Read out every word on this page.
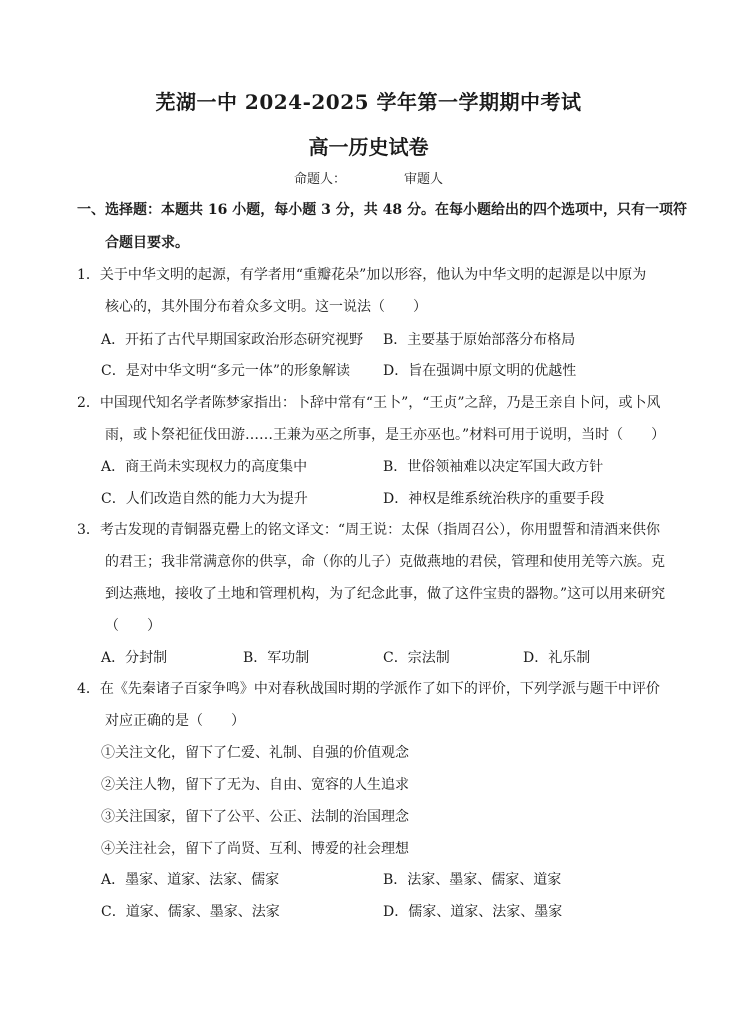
芜湖一中 2024-2025 学年第一学期期中考试
高一历史试卷
命题人：	审题人
一、选择题：本题共 16 小题，每小题 3 分，共 48 分。在每小题给出的四个选项中，只有一项符
合题目要求。
1．关于中华文明的起源，有学者用“重瓣花朵”加以形容，他认为中华文明的起源是以中原为
核心的，其外围分布着众多文明。这一说法（　　）
A．开拓了古代早期国家政治形态研究视野 B．主要基于原始部落分布格局
C．是对中华文明“多元一体”的形象解读 D．旨在强调中原文明的优越性
2．中国现代知名学者陈梦家指出：卜辞中常有“王卜”，“王贞”之辞，乃是王亲自卜问，或卜风
雨，或卜祭祀征伐田游……王兼为巫之所事，是王亦巫也。”材料可用于说明，当时（　　）
A．商王尚未实现权力的高度集中	B．世俗领袖难以决定军国大政方针
C．人们改造自然的能力大为提升	D．神权是维系统治秩序的重要手段
3．考古发现的青铜器克罍上的铭文译文：“周王说：太保（指周召公），你用盟誓和清酒来供你
的君王；我非常满意你的供享，命（你的儿子）克做燕地的君侯，管理和使用羌等六族。克
到达燕地，接收了土地和管理机构，为了纪念此事，做了这件宝贵的器物。”这可以用来研究
（　　）
A．分封制	B．军功制	C．宗法制	D．礼乐制
4．在《先秦诸子百家争鸣》中对春秋战国时期的学派作了如下的评价，下列学派与题干中评价
对应正确的是（　　）
①关注文化，留下了仁爱、礼制、自强的价值观念
②关注人物，留下了无为、自由、宽容的人生追求
③关注国家，留下了公平、公正、法制的治国理念
④关注社会，留下了尚贤、互利、博爱的社会理想
A．墨家、道家、法家、儒家	B．法家、墨家、儒家、道家
C．道家、儒家、墨家、法家	D．儒家、道家、法家、墨家
